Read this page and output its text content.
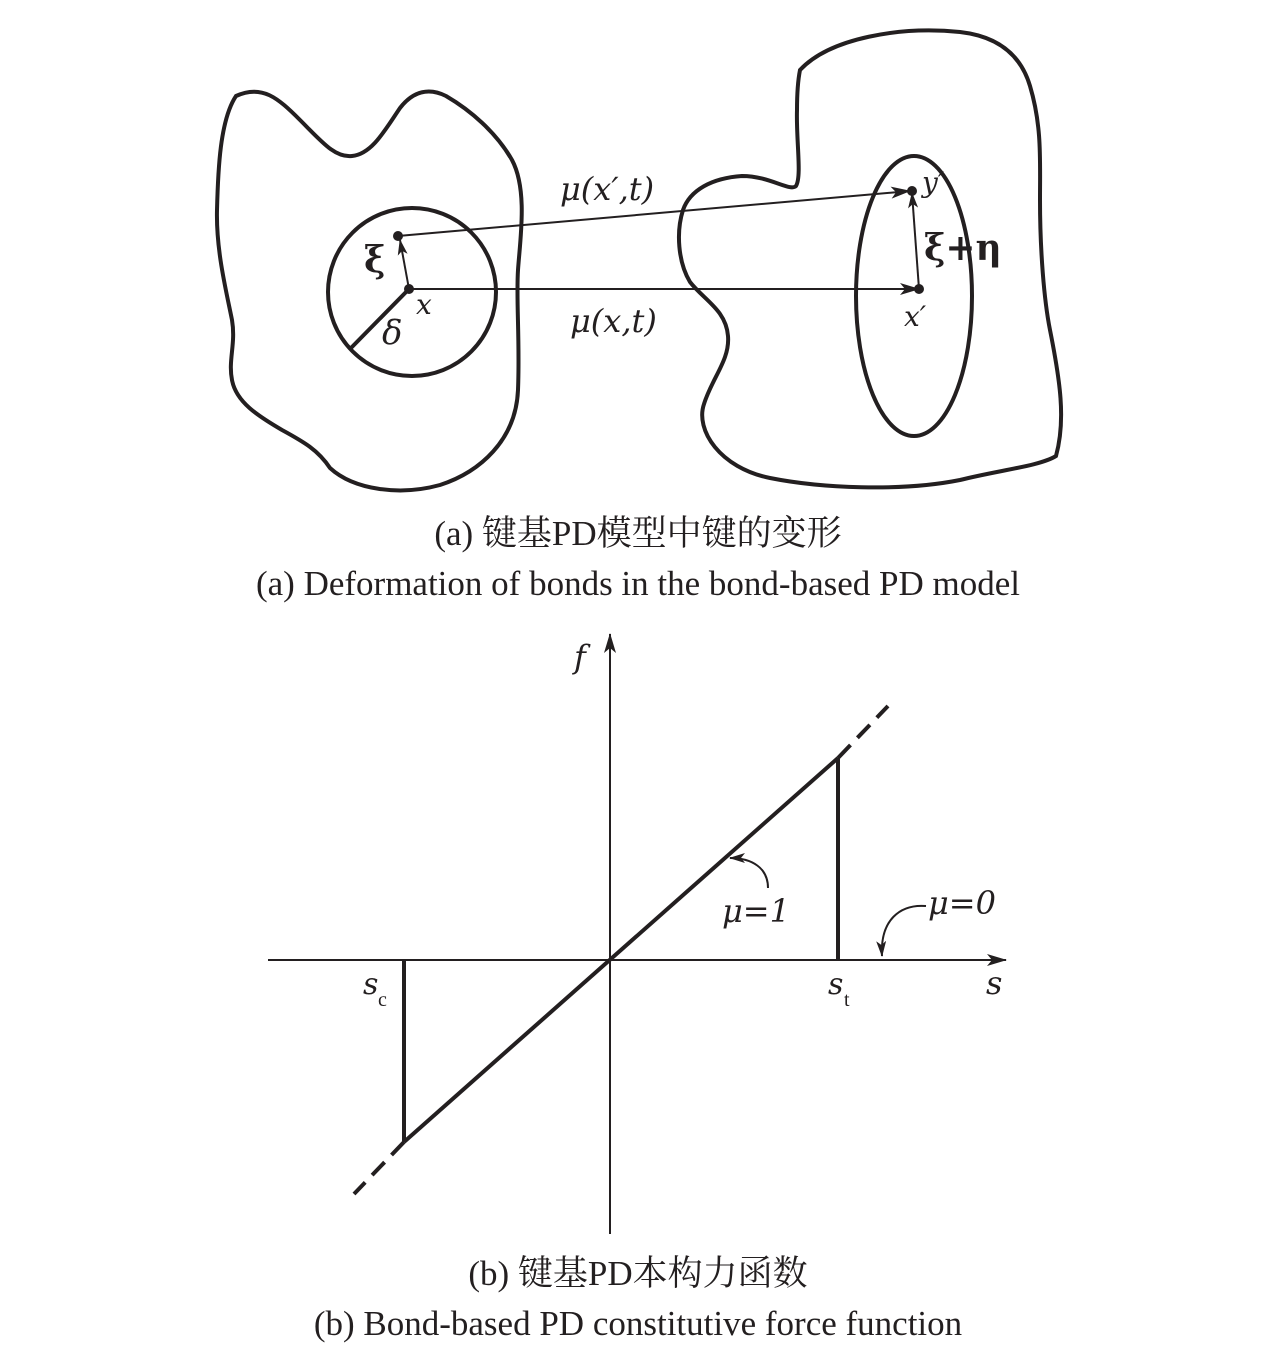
μ(x′,t)
μ(x,t)
x	x′
y′
δ
ξ	ξ+η
f
s
s c	s t
μ=1	μ=0
(a) 键基PD模型中键的变形
(a) Deformation of bonds in the bond-based PD model
(b) 键基PD本构力函数
(b) Bond-based PD constitutive force function
